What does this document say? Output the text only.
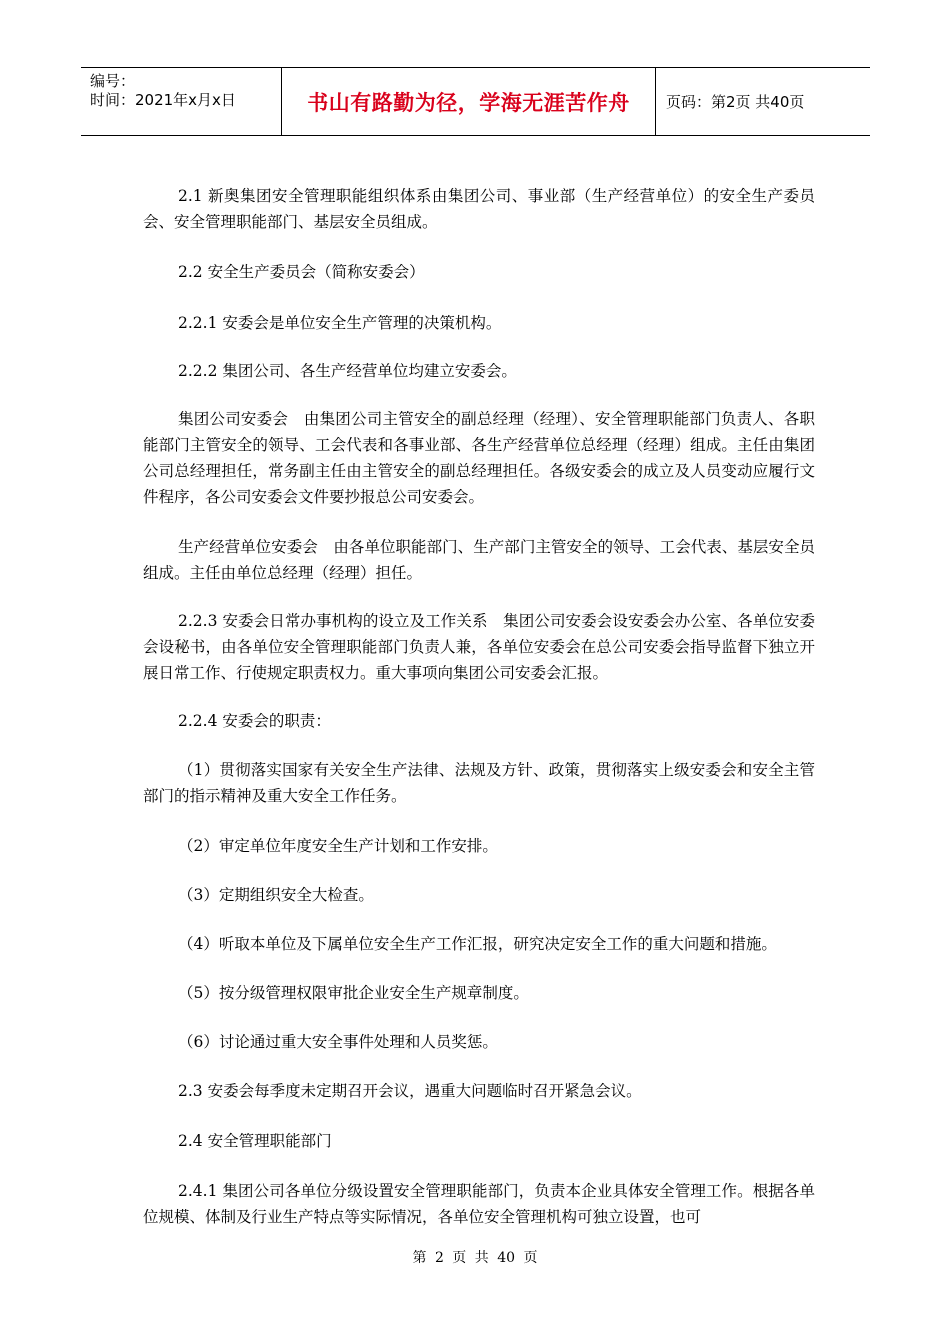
编号：
时间：2021年x月x日	书山有路勤为径，学海无涯苦作舟 页码：第2页 共40页

2.1 新奥集团安全管理职能组织体系由集团公司、事业部（生产经营单位）的安全生产委员会、安全管理职能部门、基层安全员组成。

2.2 安全生产委员会（简称安委会）

2.2.1 安委会是单位安全生产管理的决策机构。

2.2.2 集团公司、各生产经营单位均建立安委会。

集团公司安委会　由集团公司主管安全的副总经理（经理）、安全管理职能部门负责人、各职能部门主管安全的领导、工会代表和各事业部、各生产经营单位总经理（经理）组成。主任由集团公司总经理担任，常务副主任由主管安全的副总经理担任。各级安委会的成立及人员变动应履行文件程序，各公司安委会文件要抄报总公司安委会。

生产经营单位安委会　由各单位职能部门、生产部门主管安全的领导、工会代表、基层安全员组成。主任由单位总经理（经理）担任。

2.2.3 安委会日常办事机构的设立及工作关系　集团公司安委会设安委会办公室、各单位安委会设秘书，由各单位安全管理职能部门负责人兼，各单位安委会在总公司安委会指导监督下独立开展日常工作、行使规定职责权力。重大事项向集团公司安委会汇报。

2.2.4 安委会的职责：

（1）贯彻落实国家有关安全生产法律、法规及方针、政策，贯彻落实上级安委会和安全主管部门的指示精神及重大安全工作任务。

（2）审定单位年度安全生产计划和工作安排。

（3）定期组织安全大检查。

（4）听取本单位及下属单位安全生产工作汇报，研究决定安全工作的重大问题和措施。

（5）按分级管理权限审批企业安全生产规章制度。

（6）讨论通过重大安全事件处理和人员奖惩。

2.3 安委会每季度未定期召开会议，遇重大问题临时召开紧急会议。

2.4 安全管理职能部门

2.4.1 集团公司各单位分级设置安全管理职能部门，负责本企业具体安全管理工作。根据各单位规模、体制及行业生产特点等实际情况，各单位安全管理机构可独立设置，也可

第 2 页 共 40 页
